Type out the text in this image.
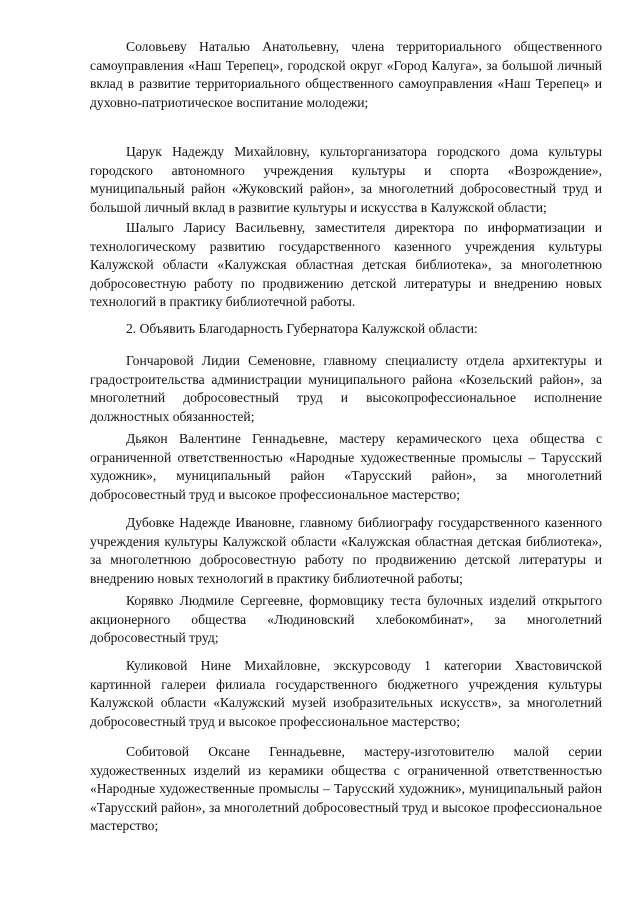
Соловьеву Наталью Анатольевну, члена территориального общественного самоуправления «Наш Терепец», городской округ «Город Калуга», за большой личный вклад в развитие территориального общественного самоуправления «Наш Терепец» и духовно-патриотическое воспитание молодежи;

Царук Надежду Михайловну, культорганизатора городского дома культуры городского автономного учреждения культуры и спорта «Возрождение», муниципальный район «Жуковский район», за многолетний добросовестный труд и большой личный вклад в развитие культуры и искусства в Калужской области;

Шалыго Ларису Васильевну, заместителя директора по информатизации и технологическому развитию государственного казенного учреждения культуры Калужской области «Калужская областная детская библиотека», за многолетнюю добросовестную работу по продвижению детской литературы и внедрению новых технологий в практику библиотечной работы.

2. Объявить Благодарность Губернатора Калужской области:

Гончаровой Лидии Семеновне, главному специалисту отдела архитектуры и градостроительства администрации муниципального района «Козельский район», за многолетний добросовестный труд и высокопрофессиональное исполнение должностных обязанностей;

Дьякон Валентине Геннадьевне, мастеру керамического цеха общества с ограниченной ответственностью «Народные художественные промыслы – Тарусский художник», муниципальный район «Тарусский район», за многолетний добросовестный труд и высокое профессиональное мастерство;

Дубовке Надежде Ивановне, главному библиографу государственного казенного учреждения культуры Калужской области «Калужская областная детская библиотека», за многолетнюю добросовестную работу по продвижению детской литературы и внедрению новых технологий в практику библиотечной работы;

Корявко Людмиле Сергеевне, формовщику теста булочных изделий открытого акционерного общества «Людиновский хлебокомбинат», за многолетний добросовестный труд;

Куликовой Нине Михайловне, экскурсоводу 1 категории Хвастовичской картинной галереи филиала государственного бюджетного учреждения культуры Калужской области «Калужский музей изобразительных искусств», за многолетний добросовестный труд и высокое профессиональное мастерство;

Собитовой Оксане Геннадьевне, мастеру-изготовителю малой серии художественных изделий из керамики общества с ограниченной ответственностью «Народные художественные промыслы – Тарусский художник», муниципальный район «Тарусский район», за многолетний добросовестный труд и высокое профессиональное мастерство;
